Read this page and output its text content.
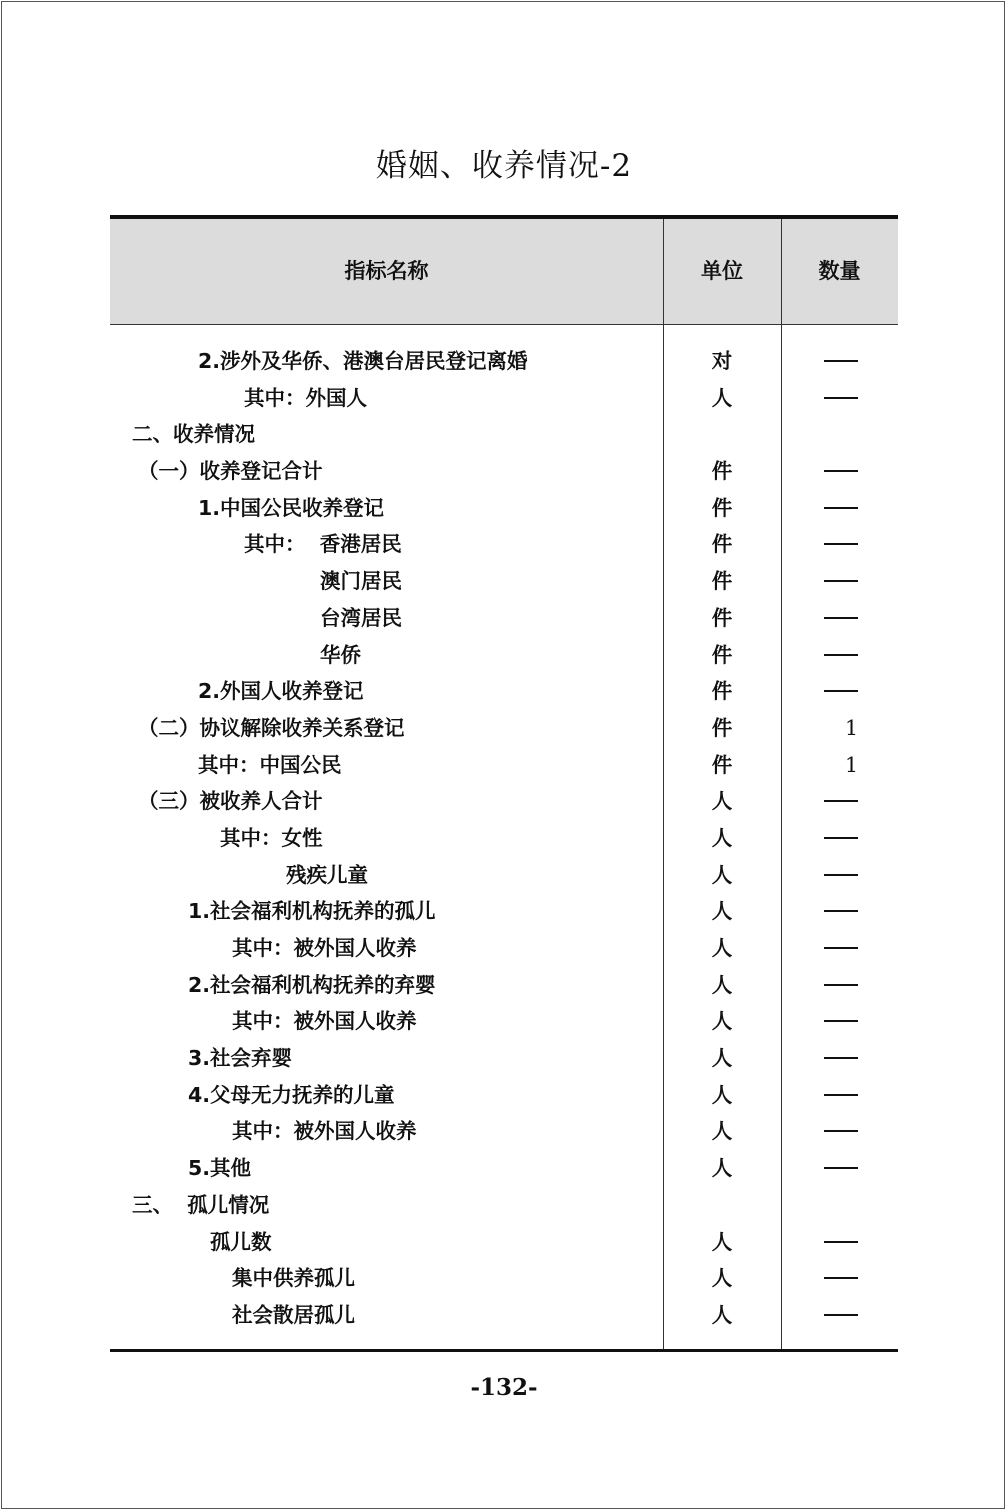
婚姻、收养情况-2
指标名称	单位	数量
2.涉外及华侨、港澳台居民登记离婚	对
其中：外国人	人
二、收养情况
（一）收养登记合计	件
1.中国公民收养登记	件
其中：  香港居民	件
澳门居民	件
台湾居民	件
华侨	件
2.外国人收养登记	件
（二）协议解除收养关系登记	件	1
其中：中国公民	件	1
（三）被收养人合计	人
其中：女性	人
残疾儿童	人
1.社会福利机构抚养的孤儿	人
其中：被外国人收养	人
2.社会福利机构抚养的弃婴	人
其中：被外国人收养	人
3.社会弃婴	人
4.父母无力抚养的儿童	人
其中：被外国人收养	人
5.其他	人
三、  孤儿情况
孤儿数	人
集中供养孤儿	人
社会散居孤儿	人
-132-
